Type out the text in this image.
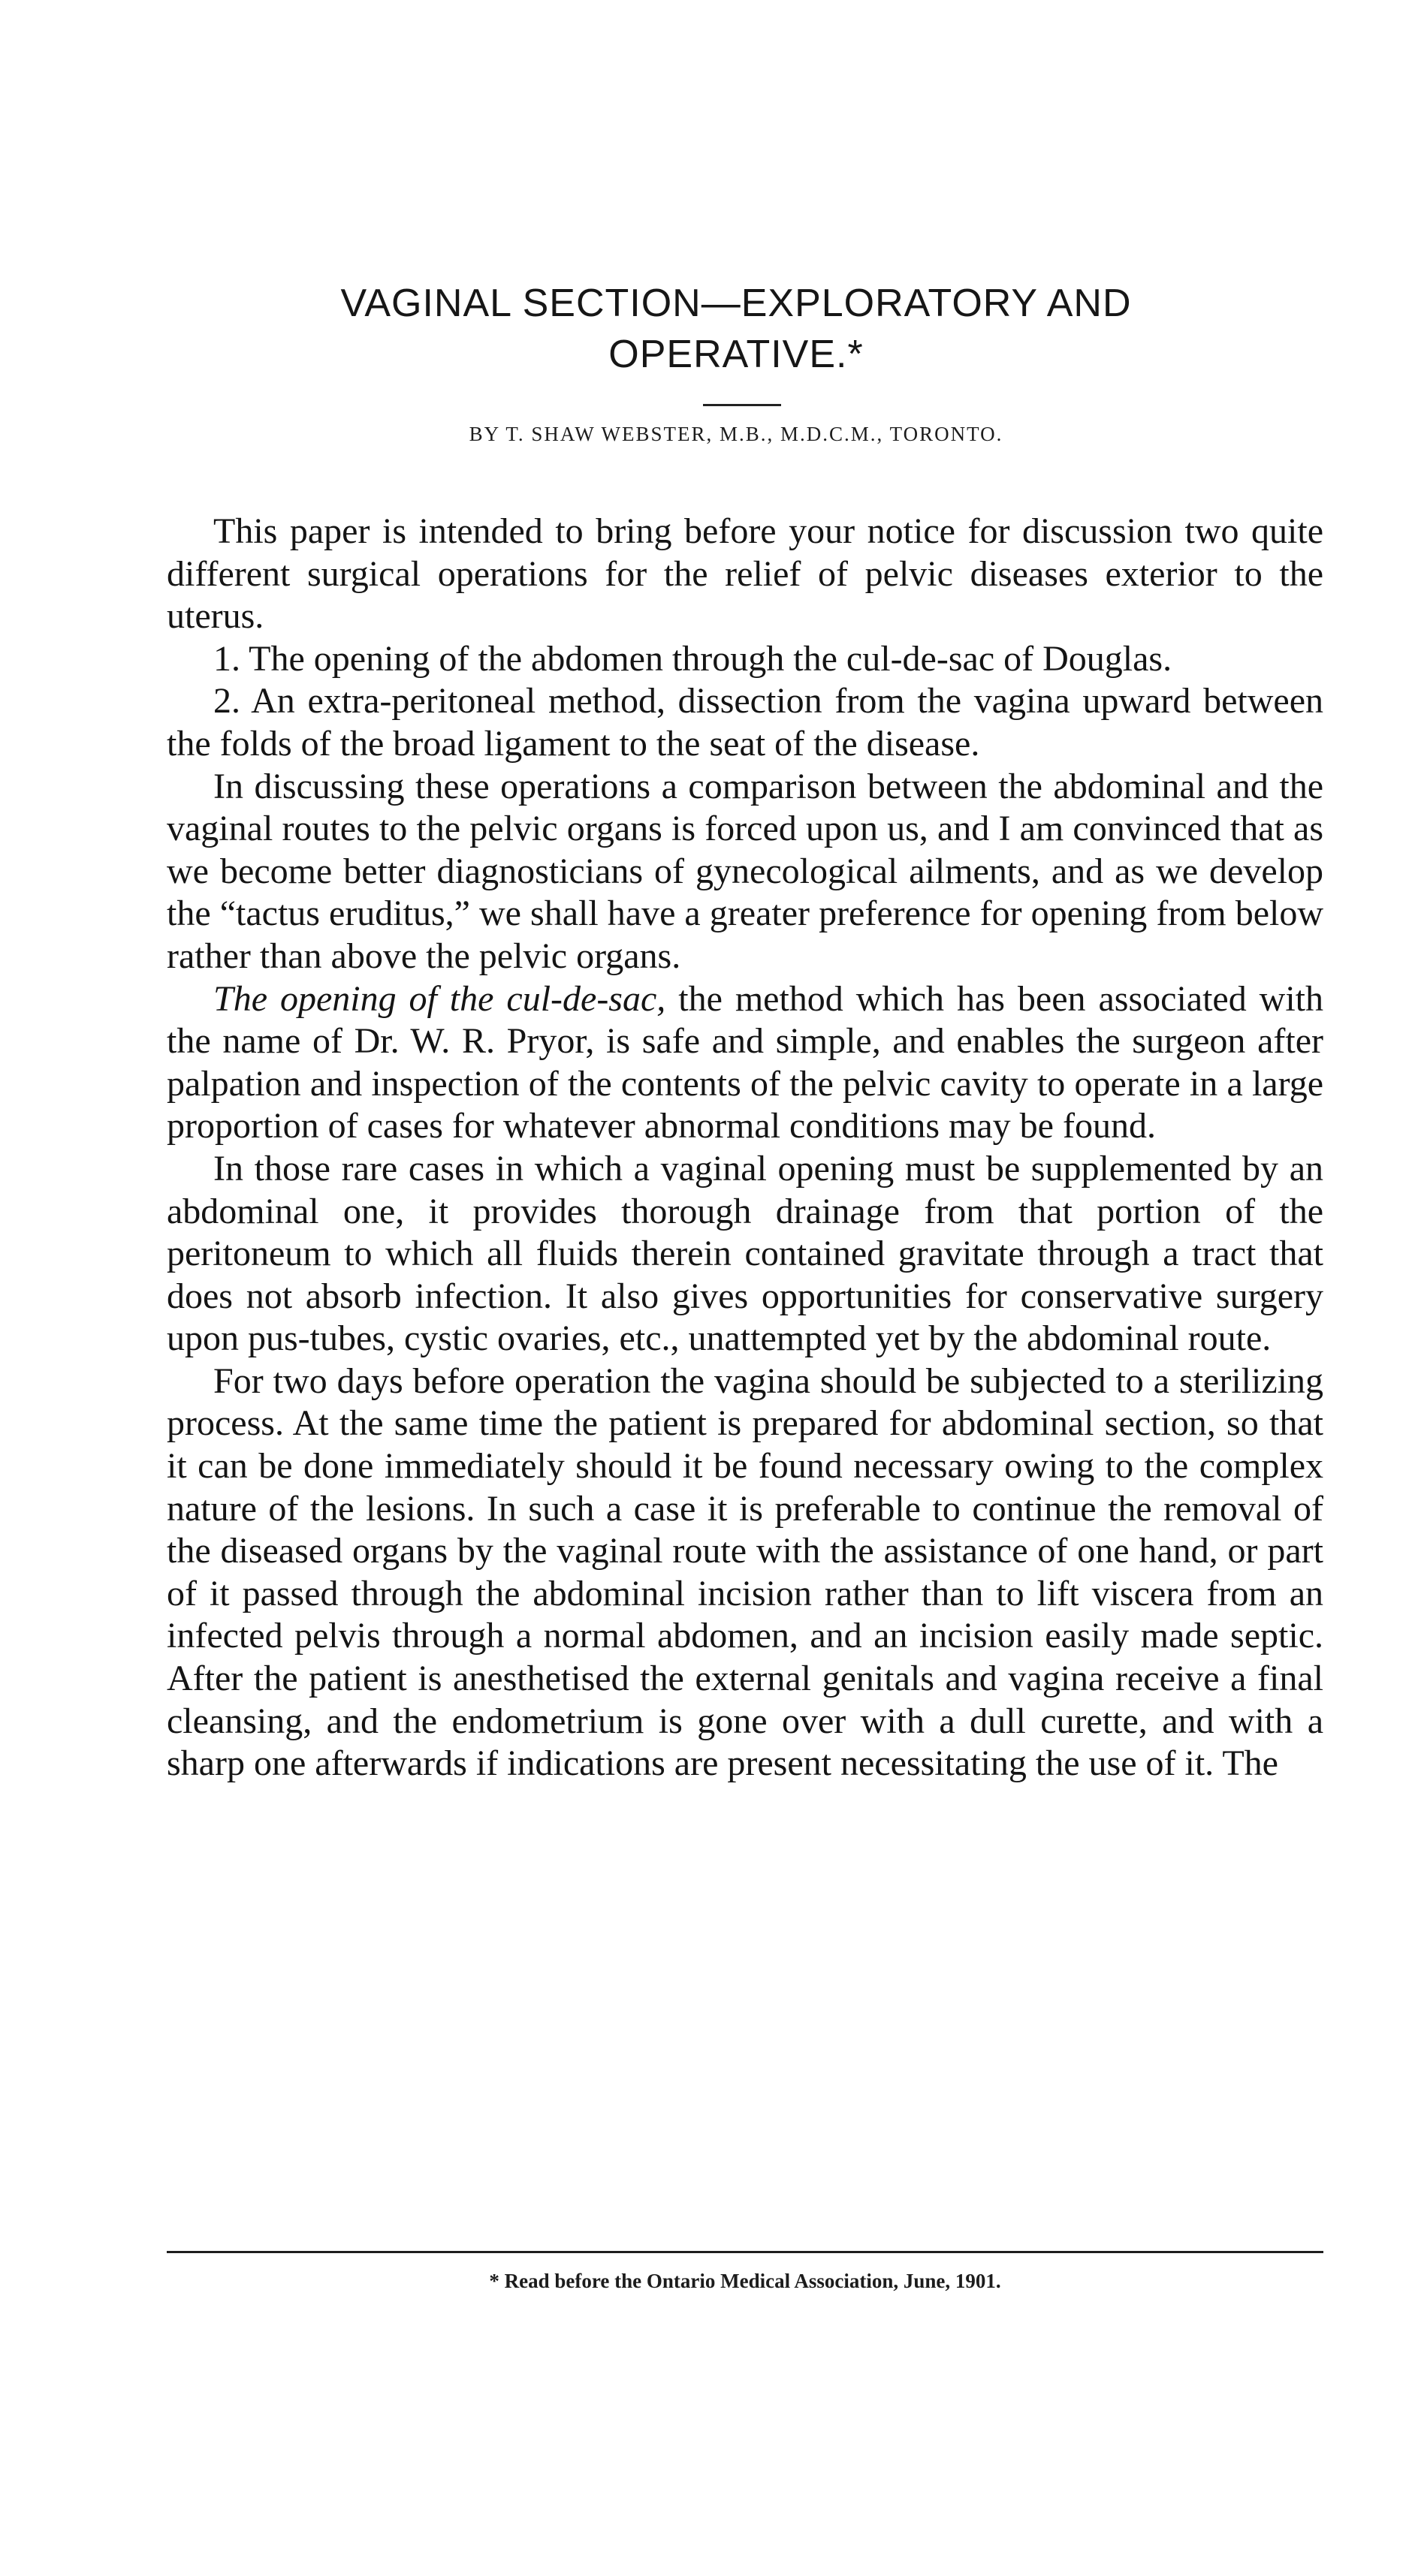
VAGINAL SECTION—EXPLORATORY AND
OPERATIVE.*
BY T. SHAW WEBSTER, M.B., M.D.C.M., TORONTO.

This paper is intended to bring before your notice for discussion two quite different surgical operations for the relief of pelvic diseases exterior to the uterus.

1. The opening of the abdomen through the cul-de-sac of Douglas.

2. An extra-peritoneal method, dissection from the vagina upward between the folds of the broad ligament to the seat of the disease.

In discussing these operations a comparison between the abdominal and the vaginal routes to the pelvic organs is forced upon us, and I am convinced that as we become better diagnosticians of gynecological ailments, and as we develop the “tactus eruditus,” we shall have a greater preference for opening from below rather than above the pelvic organs.

The opening of the cul-de-sac, the method which has been associated with the name of Dr. W. R. Pryor, is safe and simple, and enables the surgeon after palpation and inspection of the contents of the pelvic cavity to operate in a large proportion of cases for whatever abnormal conditions may be found.

In those rare cases in which a vaginal opening must be supplemented by an abdominal one, it provides thorough drainage from that portion of the peritoneum to which all fluids therein contained gravitate through a tract that does not absorb infection. It also gives opportunities for conservative surgery upon pus-tubes, cystic ovaries, etc., unattempted yet by the abdominal route.

For two days before operation the vagina should be subjected to a sterilizing process. At the same time the patient is prepared for abdominal section, so that it can be done immediately should it be found necessary owing to the complex nature of the lesions. In such a case it is preferable to continue the removal of the diseased organs by the vaginal route with the assistance of one hand, or part of it passed through the abdominal incision rather than to lift viscera from an infected pelvis through a normal abdomen, and an incision easily made septic. After the patient is anesthetised the external genitals and vagina receive a final cleansing, and the endometrium is gone over with a dull curette, and with a sharp one afterwards if indications are present necessitating the use of it. The

* Read before the Ontario Medical Association, June, 1901.
